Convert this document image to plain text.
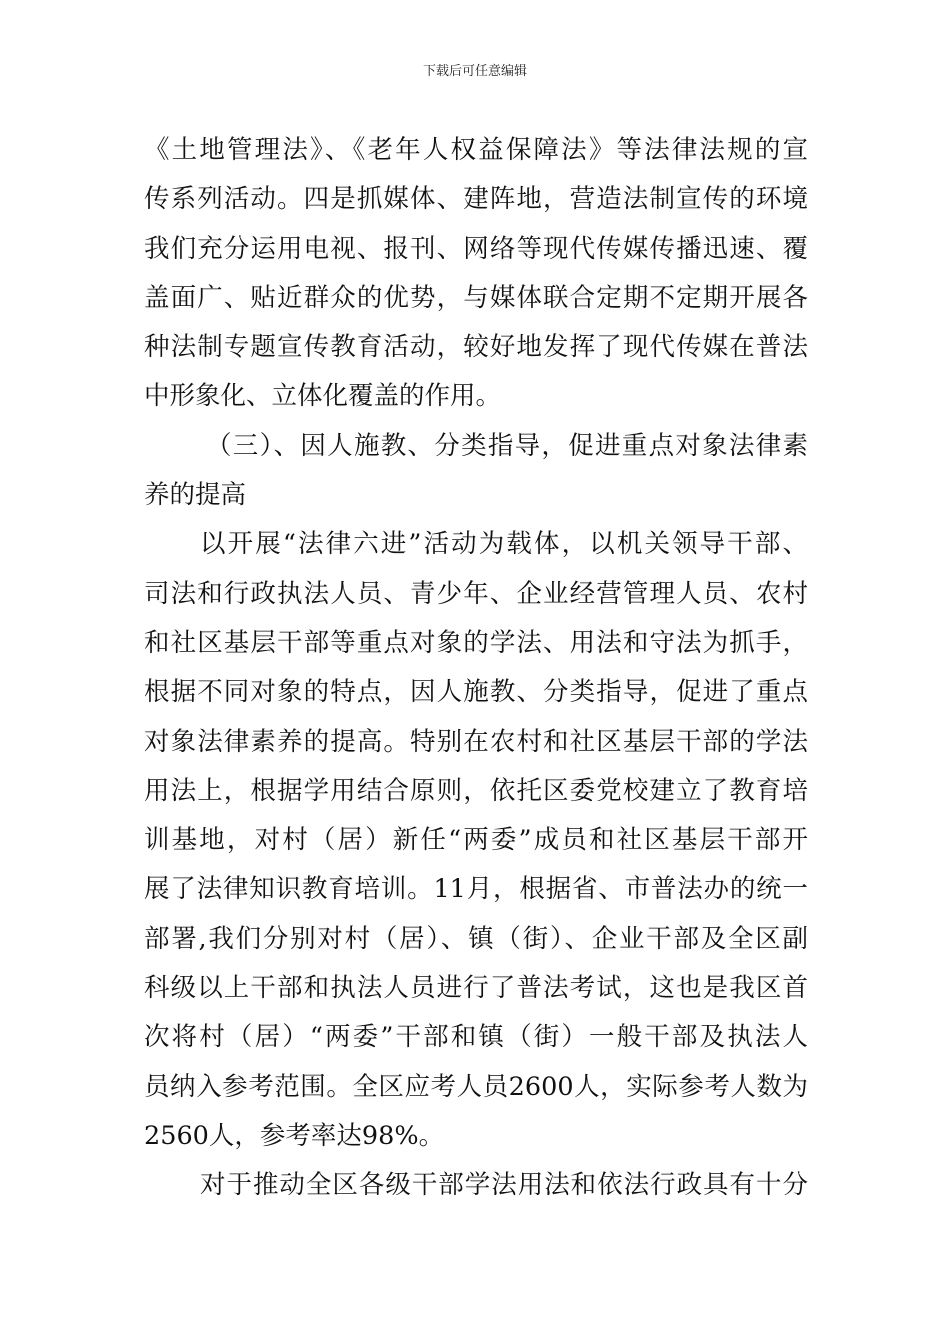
下载后可任意编辑
《土地管理法》、《老年人权益保障法》等法律法规的宣
传系列活动。四是抓媒体、建阵地，营造法制宣传的环境
我们充分运用电视、报刊、网络等现代传媒传播迅速、覆
盖面广、贴近群众的优势，与媒体联合定期不定期开展各
种法制专题宣传教育活动，较好地发挥了现代传媒在普法
中形象化、立体化覆盖的作用。
（三）、因人施教、分类指导，促进重点对象法律素
养的提高
以开展“法律六进”活动为载体，以机关领导干部、
司法和行政执法人员、青少年、企业经营管理人员、农村
和社区基层干部等重点对象的学法、用法和守法为抓手，
根据不同对象的特点，因人施教、分类指导，促进了重点
对象法律素养的提高。特别在农村和社区基层干部的学法
用法上，根据学用结合原则，依托区委党校建立了教育培
训基地，对村（居）新任“两委”成员和社区基层干部开
展了法律知识教育培训。11月，根据省、市普法办的统一
部署,我们分别对村（居）、镇（街）、企业干部及全区副
科级以上干部和执法人员进行了普法考试，这也是我区首
次将村（居）“两委”干部和镇（街）一般干部及执法人
员纳入参考范围。全区应考人员2600人，实际参考人数为
2560人，参考率达98%。
对于推动全区各级干部学法用法和依法行政具有十分
